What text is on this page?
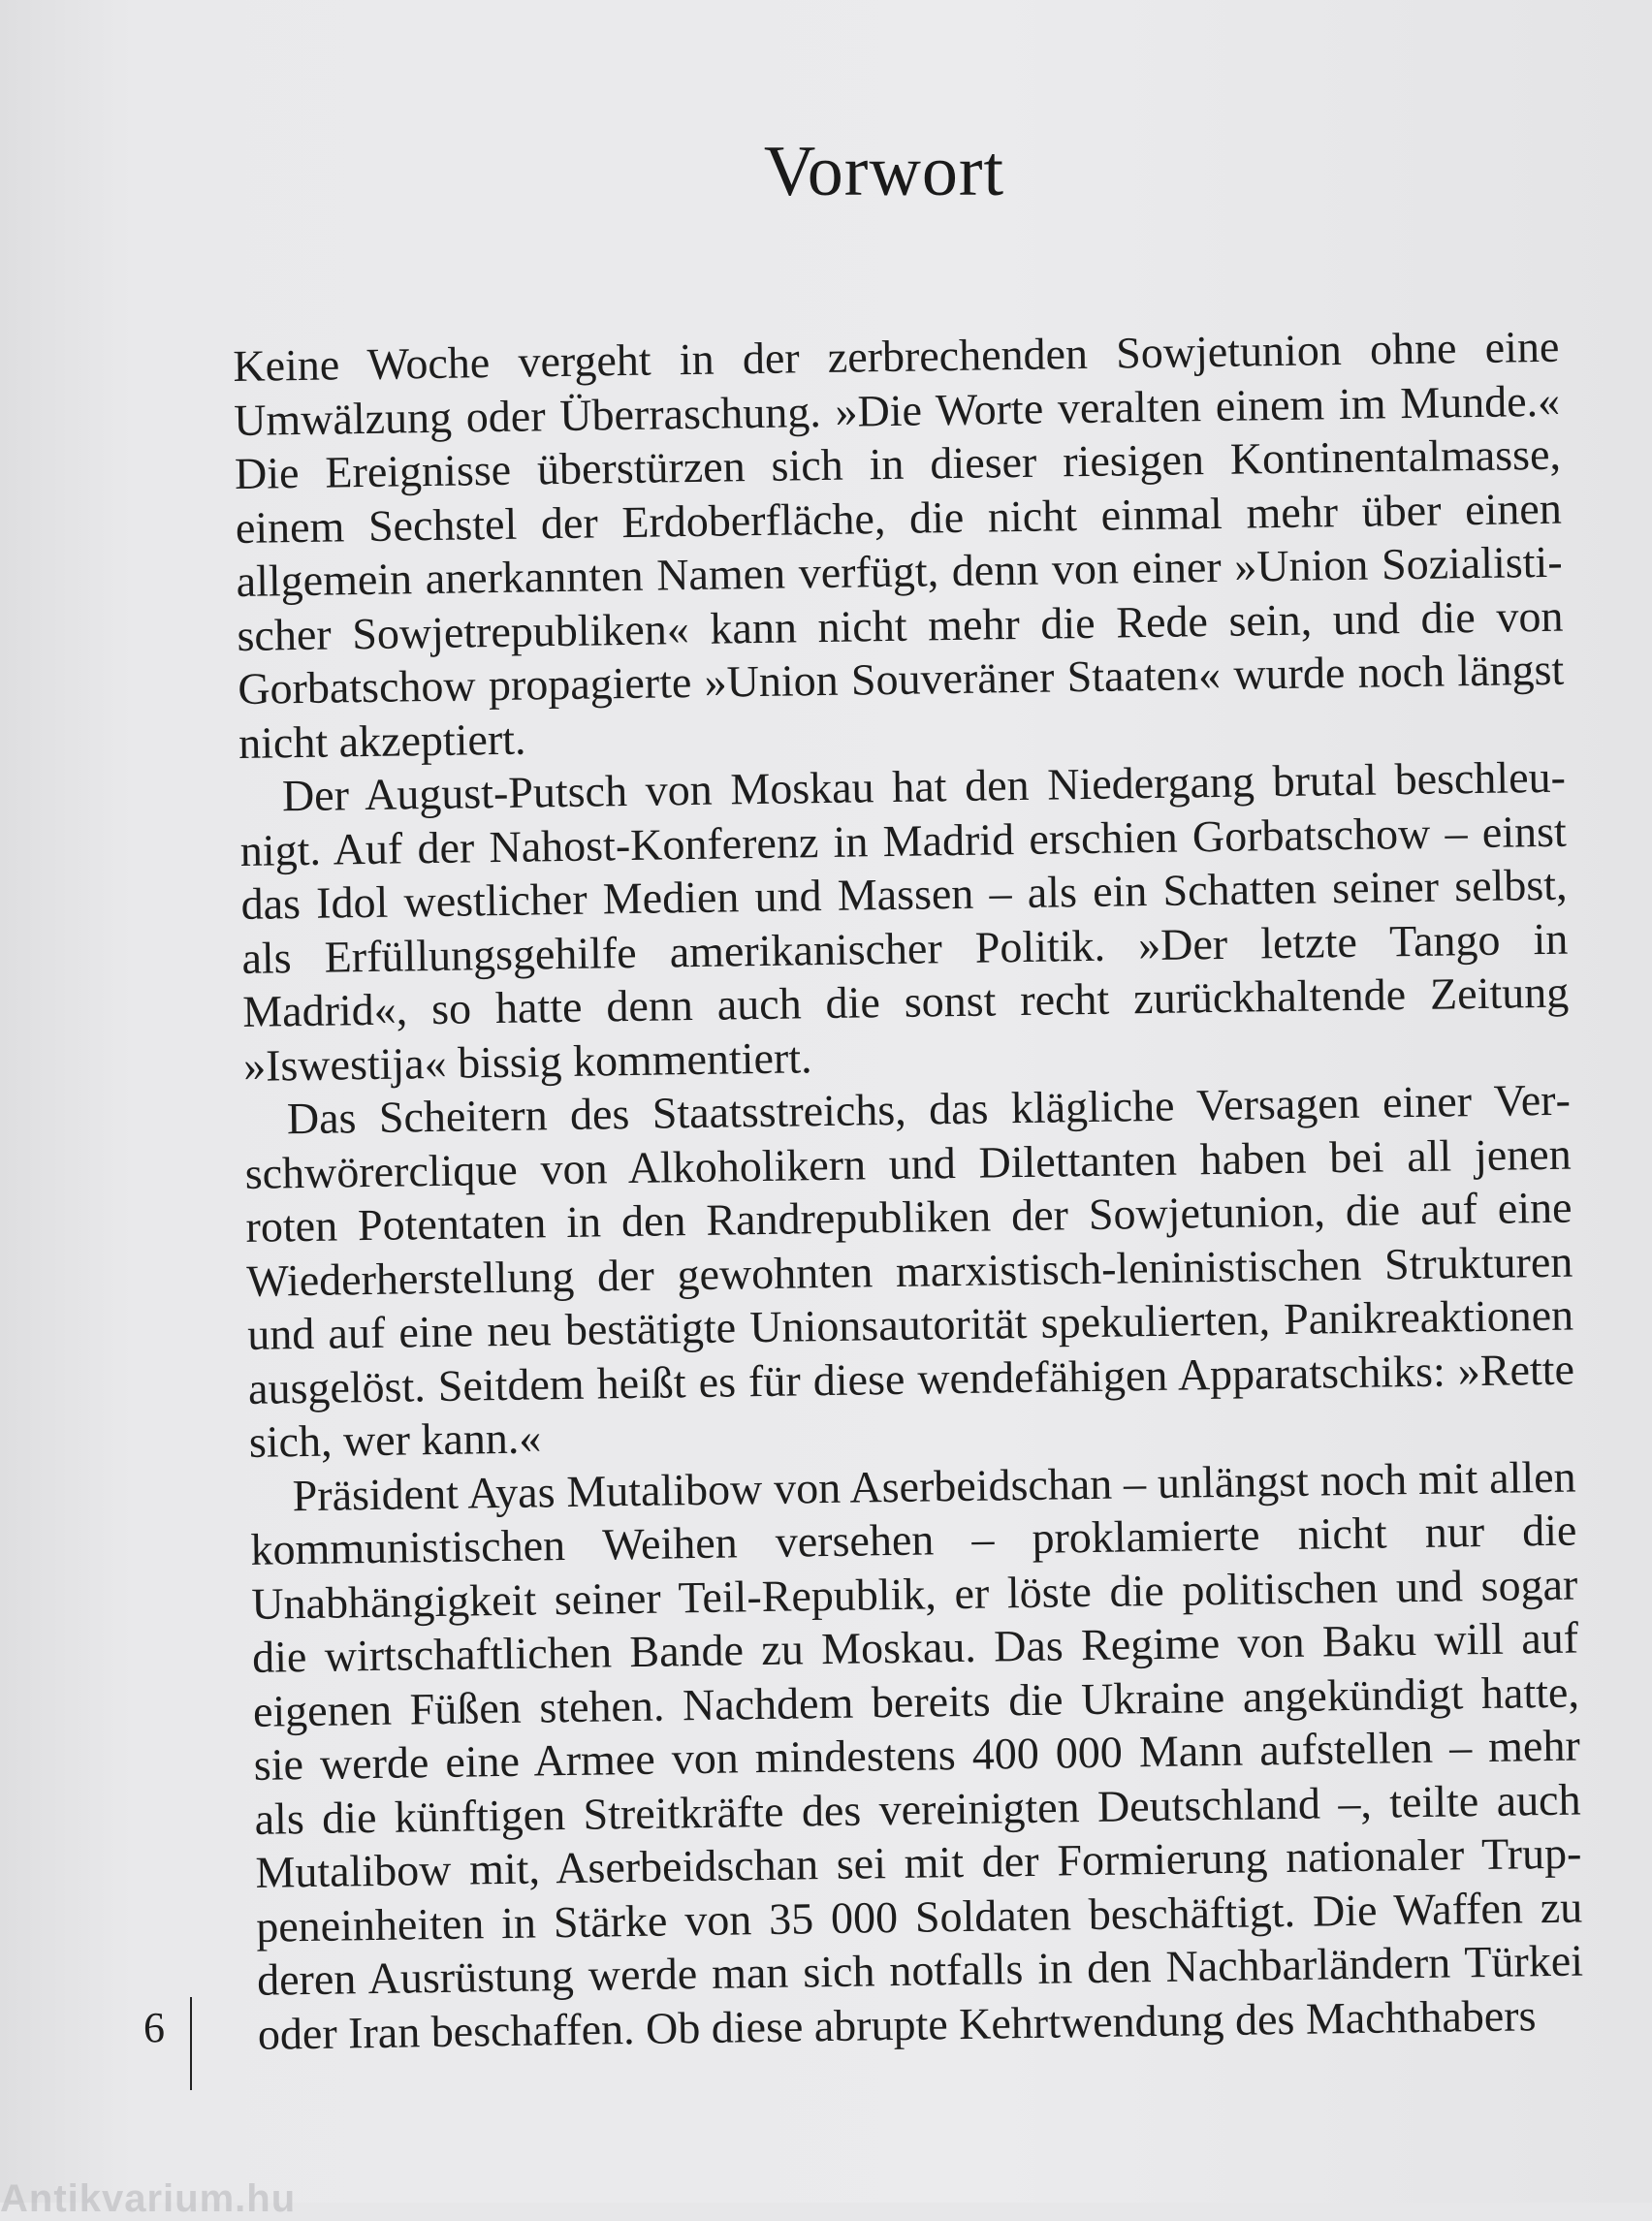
Vorwort

Keine Woche vergeht in der zerbrechenden Sowjetunion ohne eine Umwälzung oder Überraschung. »Die Worte veralten einem im Munde.« Die Ereignisse überstürzen sich in dieser riesigen Kontinentalmasse, einem Sechstel der Erdoberfläche, die nicht einmal mehr über einen allgemein anerkannten Namen verfügt, denn von einer »Union Sozialistischer Sowjetrepubliken« kann nicht mehr die Rede sein, und die von Gorbatschow propagierte »Union Souveräner Staaten« wurde noch längst nicht akzeptiert.

Der August-Putsch von Moskau hat den Niedergang brutal beschleunigt. Auf der Nahost-Konferenz in Madrid erschien Gorbatschow – einst das Idol westlicher Medien und Massen – als ein Schatten seiner selbst, als Erfüllungsgehilfe amerikanischer Politik. »Der letzte Tango in Madrid«, so hatte denn auch die sonst recht zurückhaltende Zeitung »Iswestija« bissig kommentiert.

Das Scheitern des Staatsstreichs, das klägliche Versagen einer Verschwörerclique von Alkoholikern und Dilettanten haben bei all jenen roten Potentaten in den Randrepubliken der Sowjetunion, die auf eine Wiederherstellung der gewohnten marxistisch-leninistischen Strukturen und auf eine neu bestätigte Unionsautorität spekulierten, Panikreaktionen ausgelöst. Seitdem heißt es für diese wendefähigen Apparatschiks: »Rette sich, wer kann.«

Präsident Ayas Mutalibow von Aserbeidschan – unlängst noch mit allen kommunistischen Weihen versehen – proklamierte nicht nur die Unabhängigkeit seiner Teil-Republik, er löste die politischen und sogar die wirtschaftlichen Bande zu Moskau. Das Regime von Baku will auf eigenen Füßen stehen. Nachdem bereits die Ukraine angekündigt hatte, sie werde eine Armee von mindestens 400 000 Mann aufstellen – mehr als die künftigen Streitkräfte des vereinigten Deutschland –, teilte auch Mutalibow mit, Aserbeidschan sei mit der Formierung nationaler Truppeneinheiten in Stärke von 35 000 Soldaten beschäftigt. Die Waffen zu deren Ausrüstung werde man sich notfalls in den Nachbarländern Türkei oder Iran beschaffen. Ob diese abrupte Kehrtwendung des Machthabers

6
Antikvarium.hu
